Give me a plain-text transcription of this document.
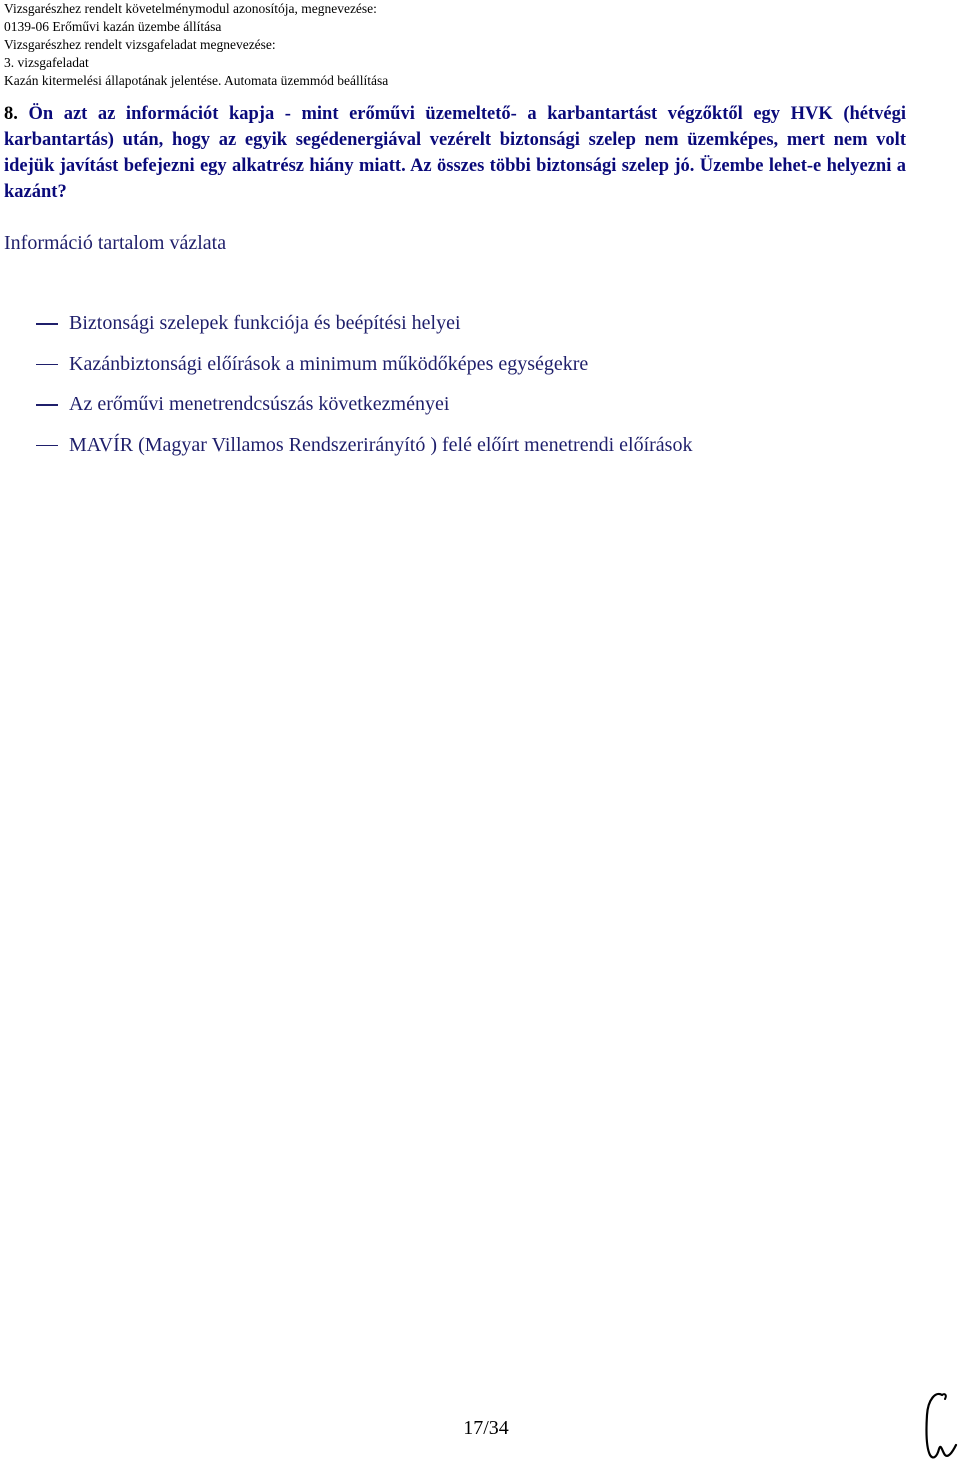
Vizsgarészhez rendelt követelménymodul azonosítója, megnevezése:
0139-06 Erőművi kazán üzembe állítása
Vizsgarészhez rendelt vizsgafeladat megnevezése:
3. vizsgafeladat
Kazán kitermelési állapotának jelentése. Automata üzemmód beállítása
8. Ön azt az információt kapja - mint erőművi üzemeltető- a karbantartást végzőktől egy HVK (hétvégi karbantartás) után, hogy az egyik segédenergiával vezérelt biztonsági szelep nem üzemképes, mert nem volt idejük javítást befejezni egy alkatrész hiány miatt. Az összes többi biztonsági szelep jó. Üzembe lehet-e helyezni a kazánt?
Információ tartalom vázlata
Biztonsági szelepek funkciója és beépítési helyei
Kazánbiztonsági előírások a minimum működőképes egységekre
Az erőművi menetrendcsúszás következményei
MAVÍR (Magyar Villamos Rendszerirányító ) felé előírt menetrendi előírások
17/34
